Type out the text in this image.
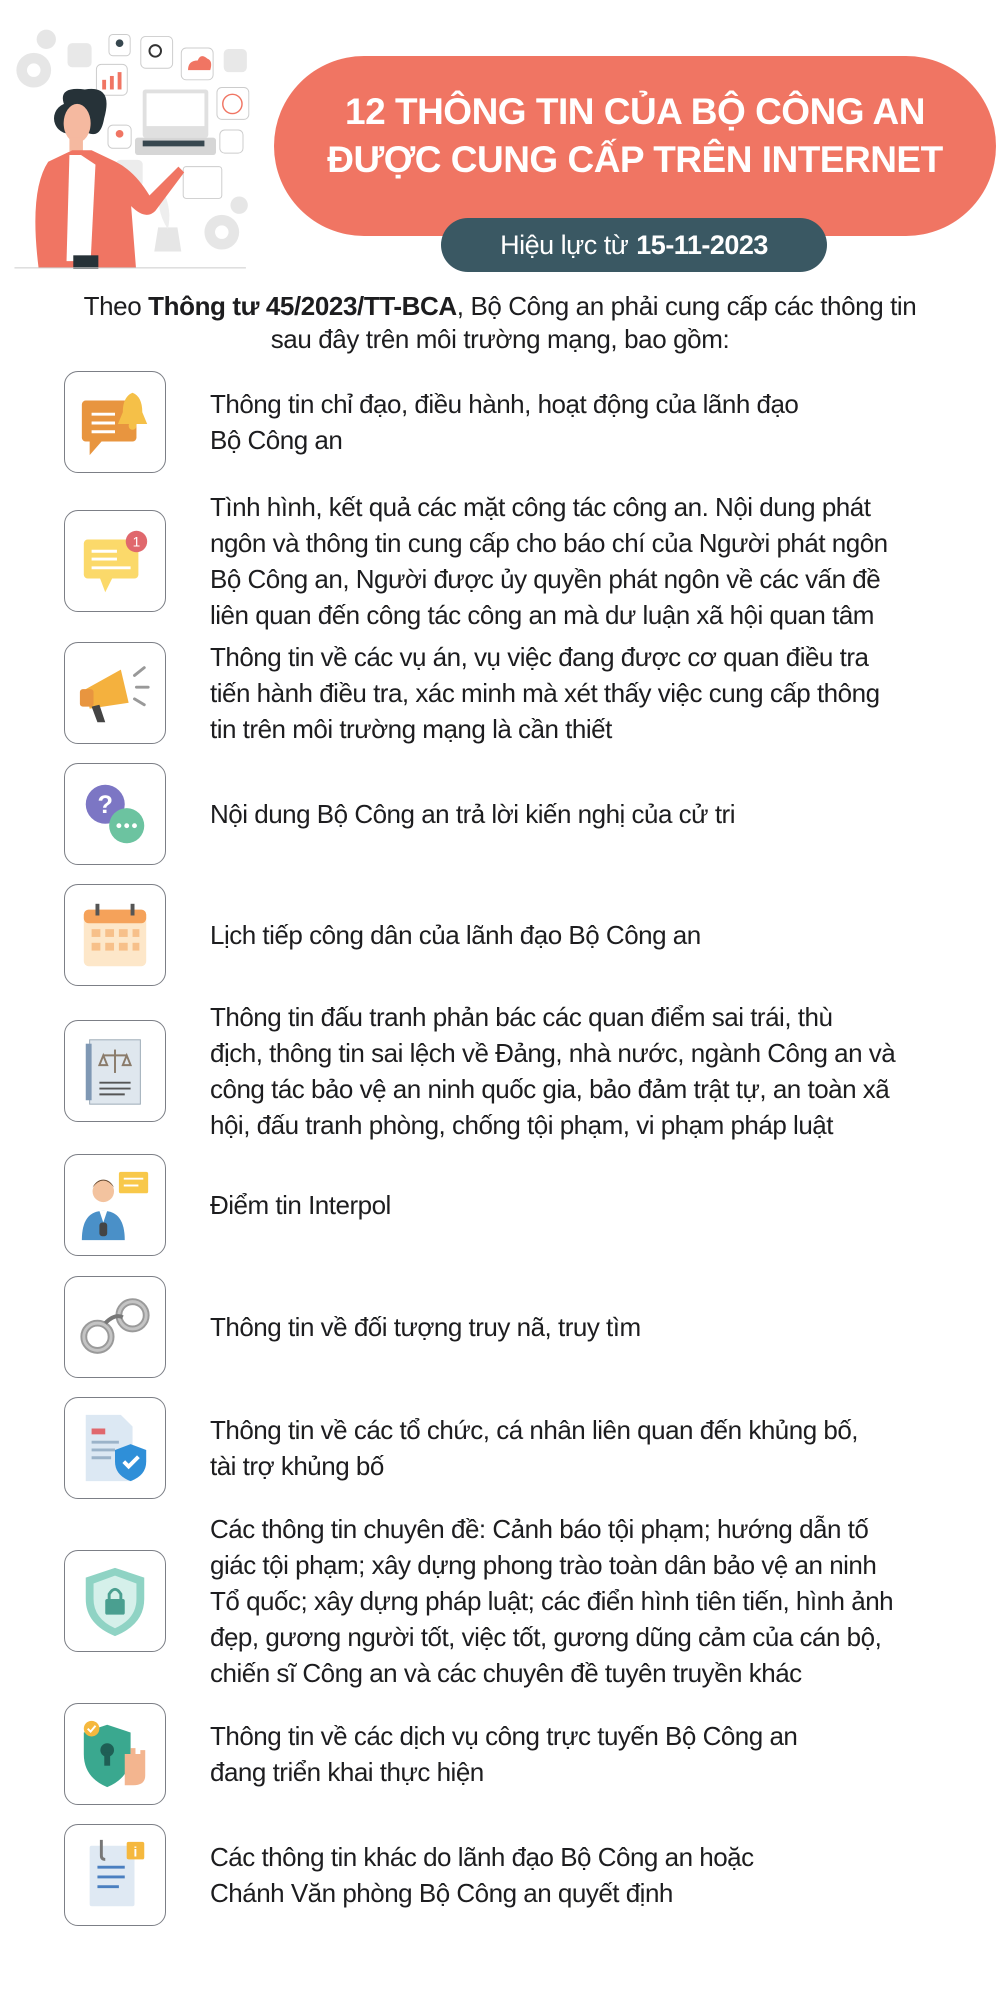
12 THÔNG TIN CỦA BỘ CÔNG AN
ĐƯỢC CUNG CẤP TRÊN INTERNET
Hiệu lực từ 15-11-2023
Theo Thông tư 45/2023/TT-BCA, Bộ Công an phải cung cấp các thông tin
sau đây trên môi trường mạng, bao gồm:
Thông tin chỉ đạo, điều hành, hoạt động của lãnh đạo
Bộ Công an
1
Tình hình, kết quả các mặt công tác công an. Nội dung phát
ngôn và thông tin cung cấp cho báo chí của Người phát ngôn
Bộ Công an, Người được ủy quyền phát ngôn về các vấn đề
liên quan đến công tác công an mà dư luận xã hội quan tâm
Thông tin về các vụ án, vụ việc đang được cơ quan điều tra
tiến hành điều tra, xác minh mà xét thấy việc cung cấp thông
tin trên môi trường mạng là cần thiết
?	Nội dung Bộ Công an trả lời kiến nghị của cử tri
Lịch tiếp công dân của lãnh đạo Bộ Công an
Thông tin đấu tranh phản bác các quan điểm sai trái, thù
địch, thông tin sai lệch về Đảng, nhà nước, ngành Công an và
công tác bảo vệ an ninh quốc gia, bảo đảm trật tự, an toàn xã
hội, đấu tranh phòng, chống tội phạm, vi phạm pháp luật
Điểm tin Interpol
Thông tin về đối tượng truy nã, truy tìm
Thông tin về các tổ chức, cá nhân liên quan đến khủng bố,
tài trợ khủng bố
Các thông tin chuyên đề: Cảnh báo tội phạm; hướng dẫn tố
giác tội phạm; xây dựng phong trào toàn dân bảo vệ an ninh
Tổ quốc; xây dựng pháp luật; các điển hình tiên tiến, hình ảnh
đẹp, gương người tốt, việc tốt, gương dũng cảm của cán bộ,
chiến sĩ Công an và các chuyên đề tuyên truyền khác
Thông tin về các dịch vụ công trực tuyến Bộ Công an
đang triển khai thực hiện
i	Các thông tin khác do lãnh đạo Bộ Công an hoặc
Chánh Văn phòng Bộ Công an quyết định
